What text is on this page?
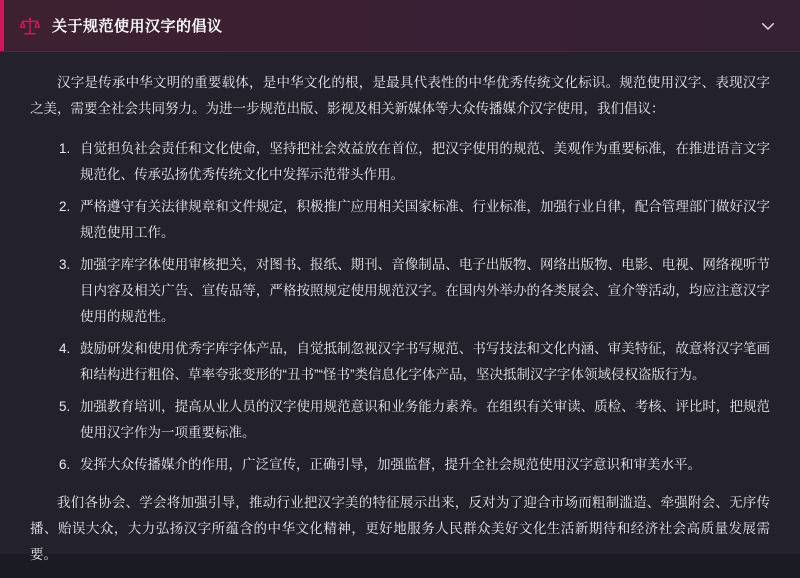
关于规范使用汉字的倡议

汉字是传承中华文明的重要载体，是中华文化的根，是最具代表性的中华优秀传统文化标识。规范使用汉字、表现汉字之美，需要全社会共同努力。为进一步规范出版、影视及相关新媒体等大众传播媒介汉字使用，我们倡议：

1. 自觉担负社会责任和文化使命，坚持把社会效益放在首位，把汉字使用的规范、美观作为重要标准，在推进语言文字规范化、传承弘扬优秀传统文化中发挥示范带头作用。
2. 严格遵守有关法律规章和文件规定，积极推广应用相关国家标准、行业标准，加强行业自律，配合管理部门做好汉字规范使用工作。
3. 加强字库字体使用审核把关，对图书、报纸、期刊、音像制品、电子出版物、网络出版物、电影、电视、网络视听节目内容及相关广告、宣传品等，严格按照规定使用规范汉字。在国内外举办的各类展会、宣介等活动，均应注意汉字使用的规范性。
4. 鼓励研发和使用优秀字库字体产品，自觉抵制忽视汉字书写规范、书写技法和文化内涵、审美特征，故意将汉字笔画和结构进行粗俗、草率夸张变形的“丑书”“怪书”类信息化字体产品，坚决抵制汉字字体领域侵权盗版行为。
5. 加强教育培训，提高从业人员的汉字使用规范意识和业务能力素养。在组织有关审读、质检、考核、评比时，把规范使用汉字作为一项重要标准。
6. 发挥大众传播媒介的作用，广泛宣传，正确引导，加强监督，提升全社会规范使用汉字意识和审美水平。

我们各协会、学会将加强引导，推动行业把汉字美的特征展示出来，反对为了迎合市场而粗制滥造、牵强附会、无序传播、贻误大众，大力弘扬汉字所蕴含的中华文化精神，更好地服务人民群众美好文化生活新期待和经济社会高质量发展需要。
